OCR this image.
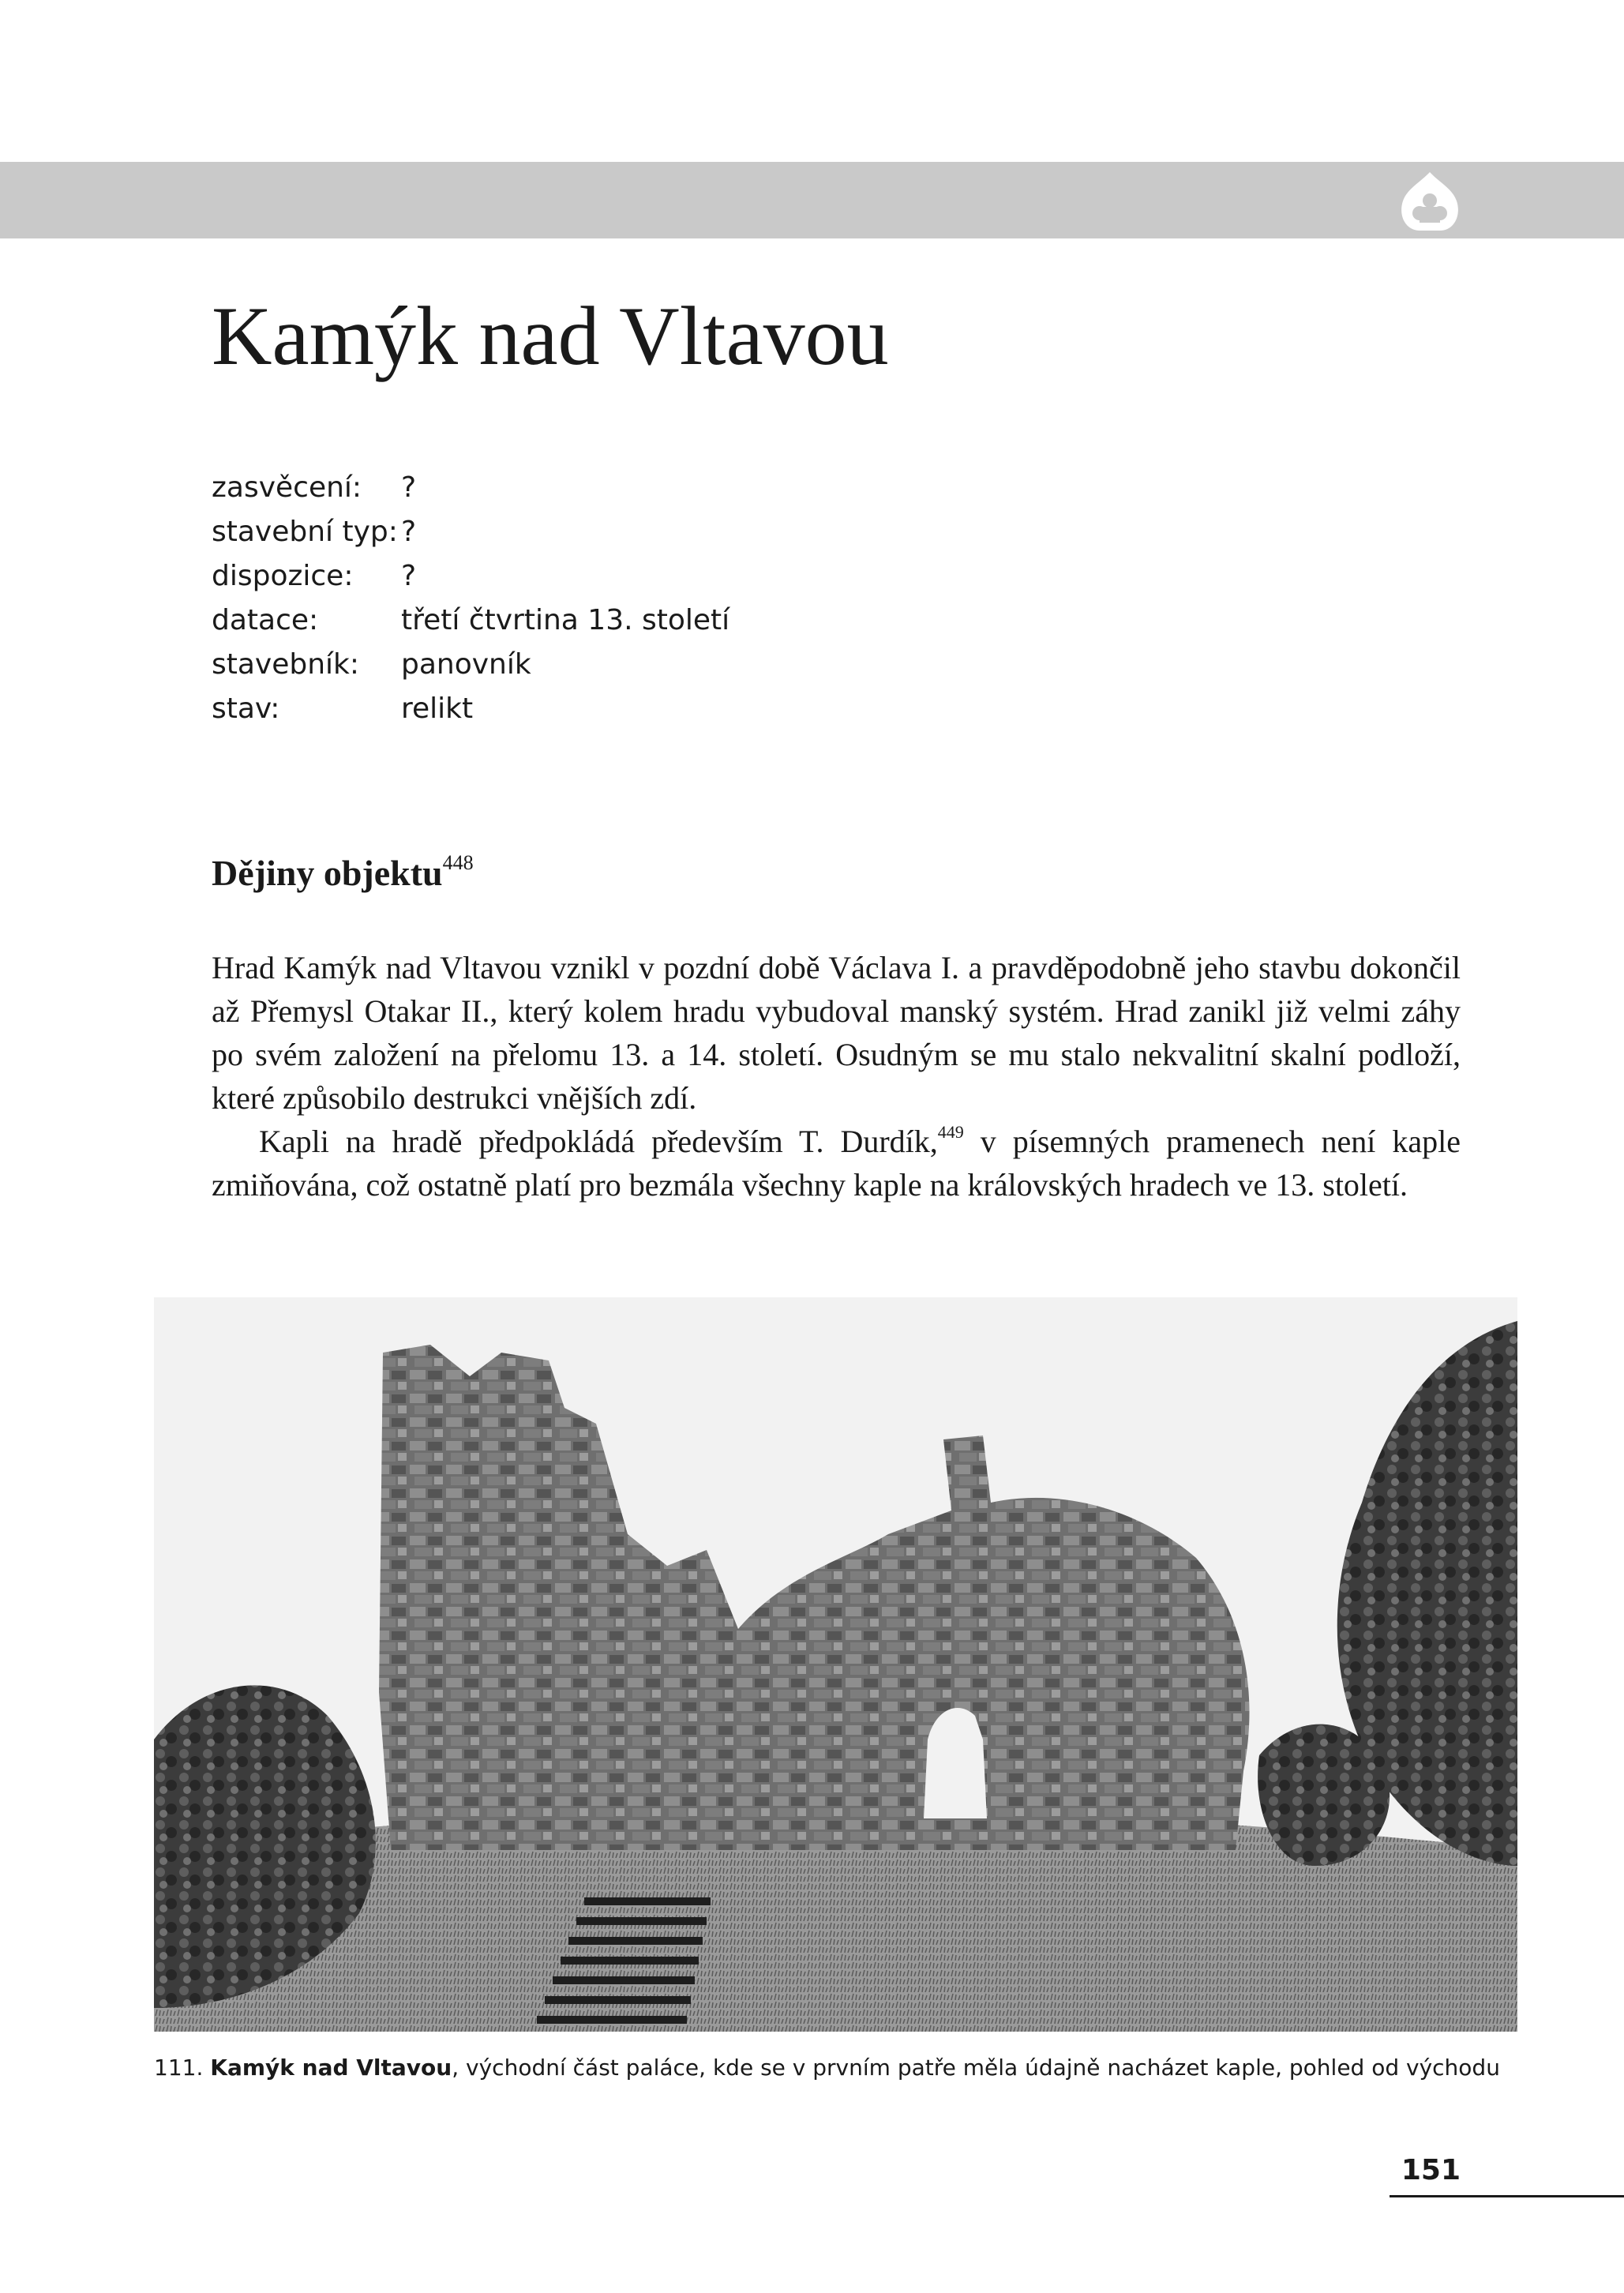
Kamýk nad Vltavou
zasvěcení: ?
stavební typ: ?
dispozice: ?
datace:	třetí čtvrtina 13. století
stavebník: panovník
stav:	relikt
Dějiny objektu$^{448}$

Hrad Kamýk nad Vltavou vznikl v pozdní době Václava I. a pravděpodobně jeho stavbu dokončil až Přemysl Otakar II., který kolem hradu vybudoval manský systém. Hrad zanikl již velmi záhy po svém založení na přelomu 13. a 14. století. Osudným se mu stalo nekvalitní skalní podloží, které způsobilo destrukci vnějších zdí.

Kapli na hradě předpokládá především T. Durdík,$^{449}$ v písemných pramenech není kaple zmiňována, což ostatně platí pro bezmála všechny kaple na královských hradech ve 13. století.

111. Kamýk nad Vltavou, východní část paláce, kde se v prvním patře měla údajně nacházet kaple, pohled od východu
151
